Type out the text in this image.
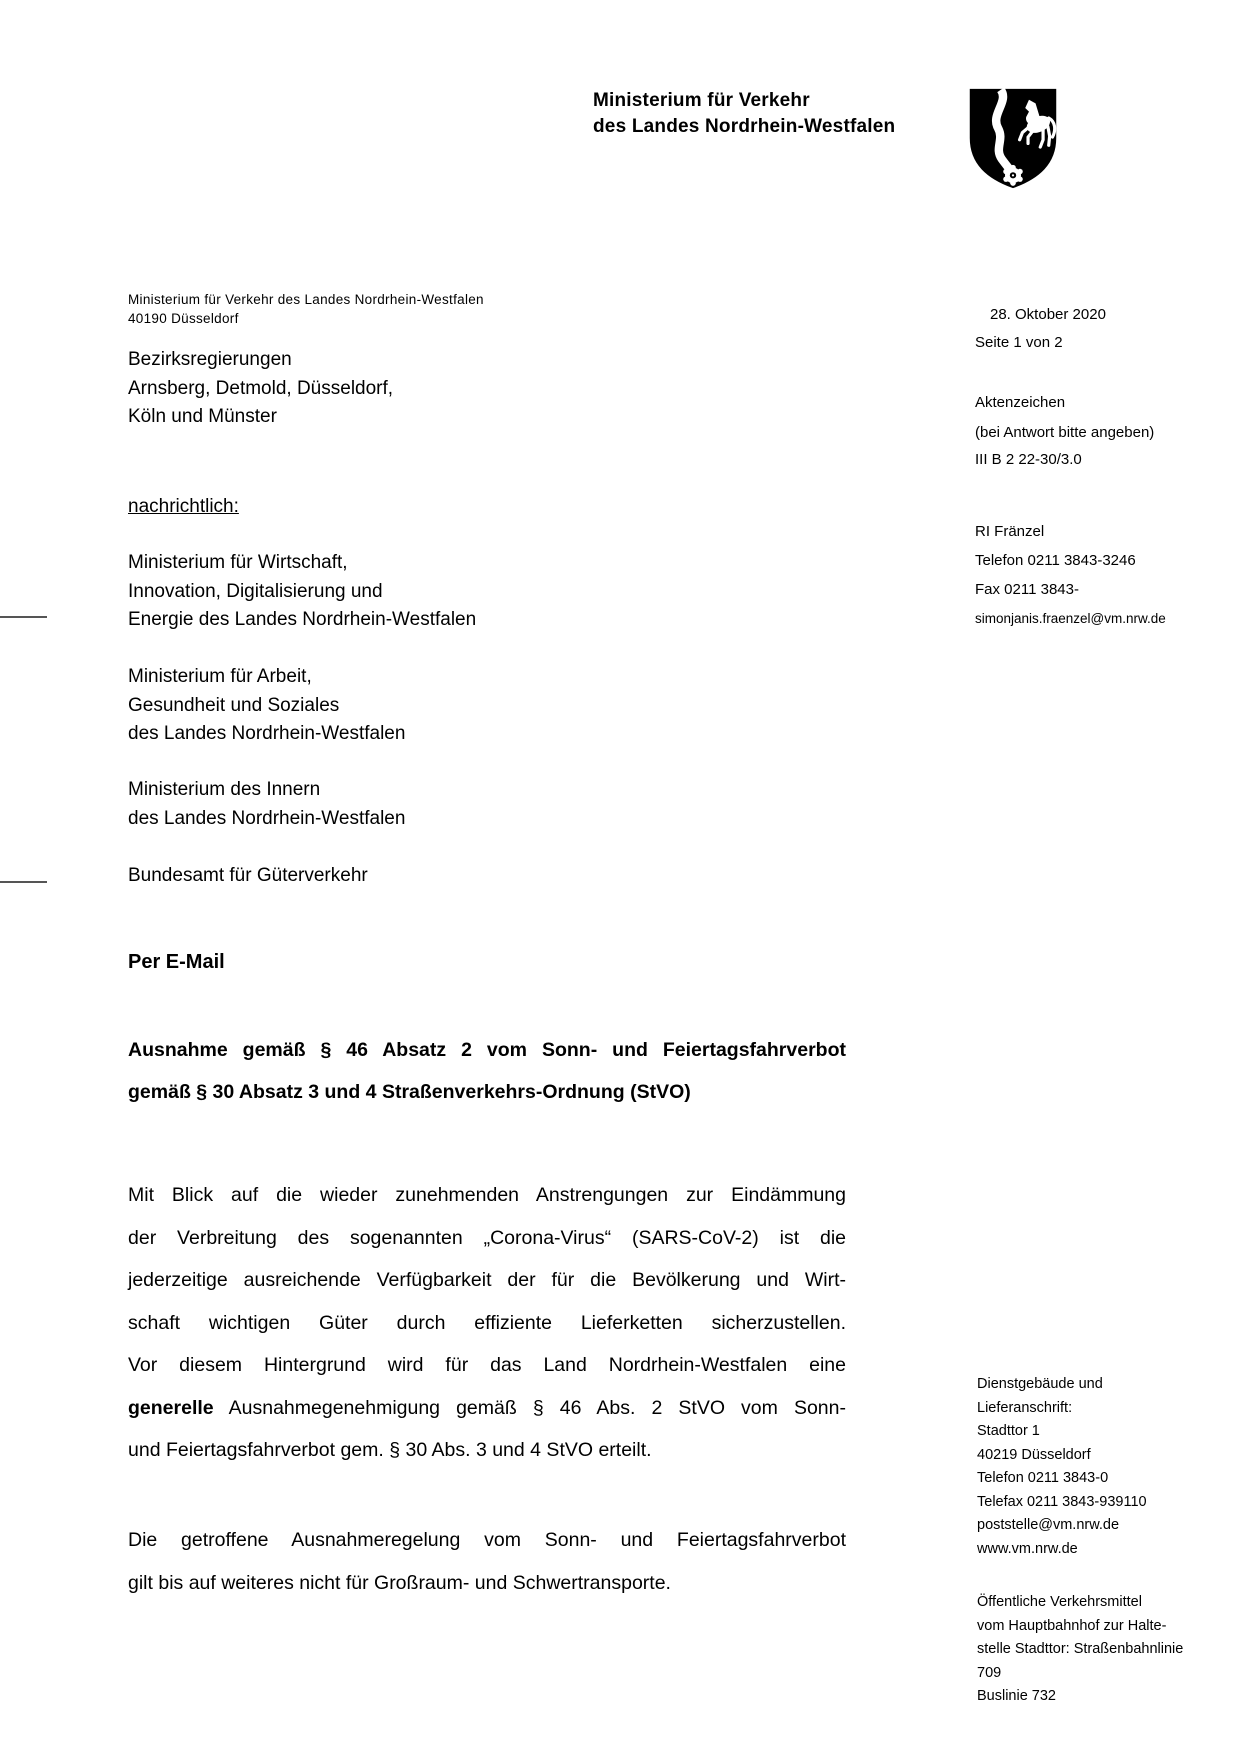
Ministerium für Verkehr
des Landes Nordrhein-Westfalen
Ministerium für Verkehr des Landes Nordrhein-Westfalen
40190 Düsseldorf
Bezirksregierungen
Arnsberg, Detmold, Düsseldorf,
Köln und Münster
nachrichtlich:
Ministerium für Wirtschaft,
Innovation, Digitalisierung und
Energie des Landes Nordrhein-Westfalen
Ministerium für Arbeit,
Gesundheit und Soziales
des Landes Nordrhein-Westfalen
Ministerium des Innern
des Landes Nordrhein-Westfalen
Bundesamt für Güterverkehr
Per E-Mail
28. Oktober 2020
Seite 1 von 2
Aktenzeichen
(bei Antwort bitte angeben)
III B 2 22-30/3.0
RI Fränzel
Telefon 0211 3843-3246
Fax 0211 3843-
simonjanis.fraenzel@vm.nrw.de
Ausnahme gemäß § 46 Absatz 2 vom Sonn- und Feiertagsfahrverbot
gemäß § 30 Absatz 3 und 4 Straßenverkehrs-Ordnung (StVO)
Mit Blick auf die wieder zunehmenden Anstrengungen zur Eindämmung
der Verbreitung des sogenannten „Corona-Virus“ (SARS-CoV-2) ist die
jederzeitige ausreichende Verfügbarkeit der für die Bevölkerung und Wirt-
schaft wichtigen Güter durch effiziente Lieferketten sicherzustellen.
Vor diesem Hintergrund wird für das Land Nordrhein-Westfalen eine
generelle Ausnahmegenehmigung gemäß § 46 Abs. 2 StVO vom Sonn-
und Feiertagsfahrverbot gem. § 30 Abs. 3 und 4 StVO erteilt.
Die getroffene Ausnahmeregelung vom Sonn- und Feiertagsfahrverbot
gilt bis auf weiteres nicht für Großraum- und Schwertransporte.
Dienstgebäude und
Lieferanschrift:
Stadttor 1
40219 Düsseldorf
Telefon 0211 3843-0
Telefax 0211 3843-939110
poststelle@vm.nrw.de
www.vm.nrw.de
Öffentliche Verkehrsmittel
vom Hauptbahnhof zur Halte-
stelle Stadttor: Straßenbahnlinie
709
Buslinie 732
